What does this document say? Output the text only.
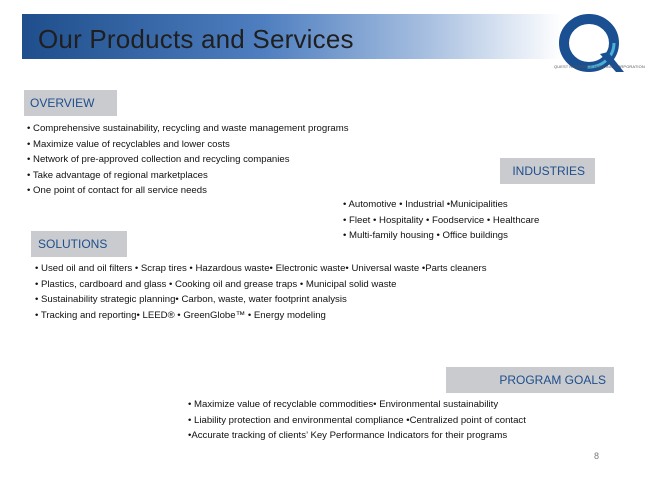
Our Products and Services
QUEST RESOURCE HOLDING CORPORATION
OVERVIEW
• Comprehensive sustainability, recycling and waste management programs
• Maximize value of recyclables and lower costs
• Network of pre-approved collection and recycling companies
• Take advantage of regional marketplaces
• One point of contact for all service needs
INDUSTRIES
• Automotive • Industrial •Municipalities
• Fleet • Hospitality • Foodservice • Healthcare
• Multi-family housing • Office buildings
SOLUTIONS
• Used oil and oil filters • Scrap tires • Hazardous waste• Electronic waste• Universal waste •Parts cleaners
• Plastics, cardboard and glass • Cooking oil and grease traps • Municipal solid waste
• Sustainability strategic planning• Carbon, waste, water footprint analysis
• Tracking and reporting• LEED® • GreenGlobe™ • Energy modeling
PROGRAM GOALS
• Maximize value of recyclable commodities• Environmental sustainability
• Liability protection and environmental compliance •Centralized point of contact
•Accurate tracking of clients’ Key Performance Indicators for their programs
8
